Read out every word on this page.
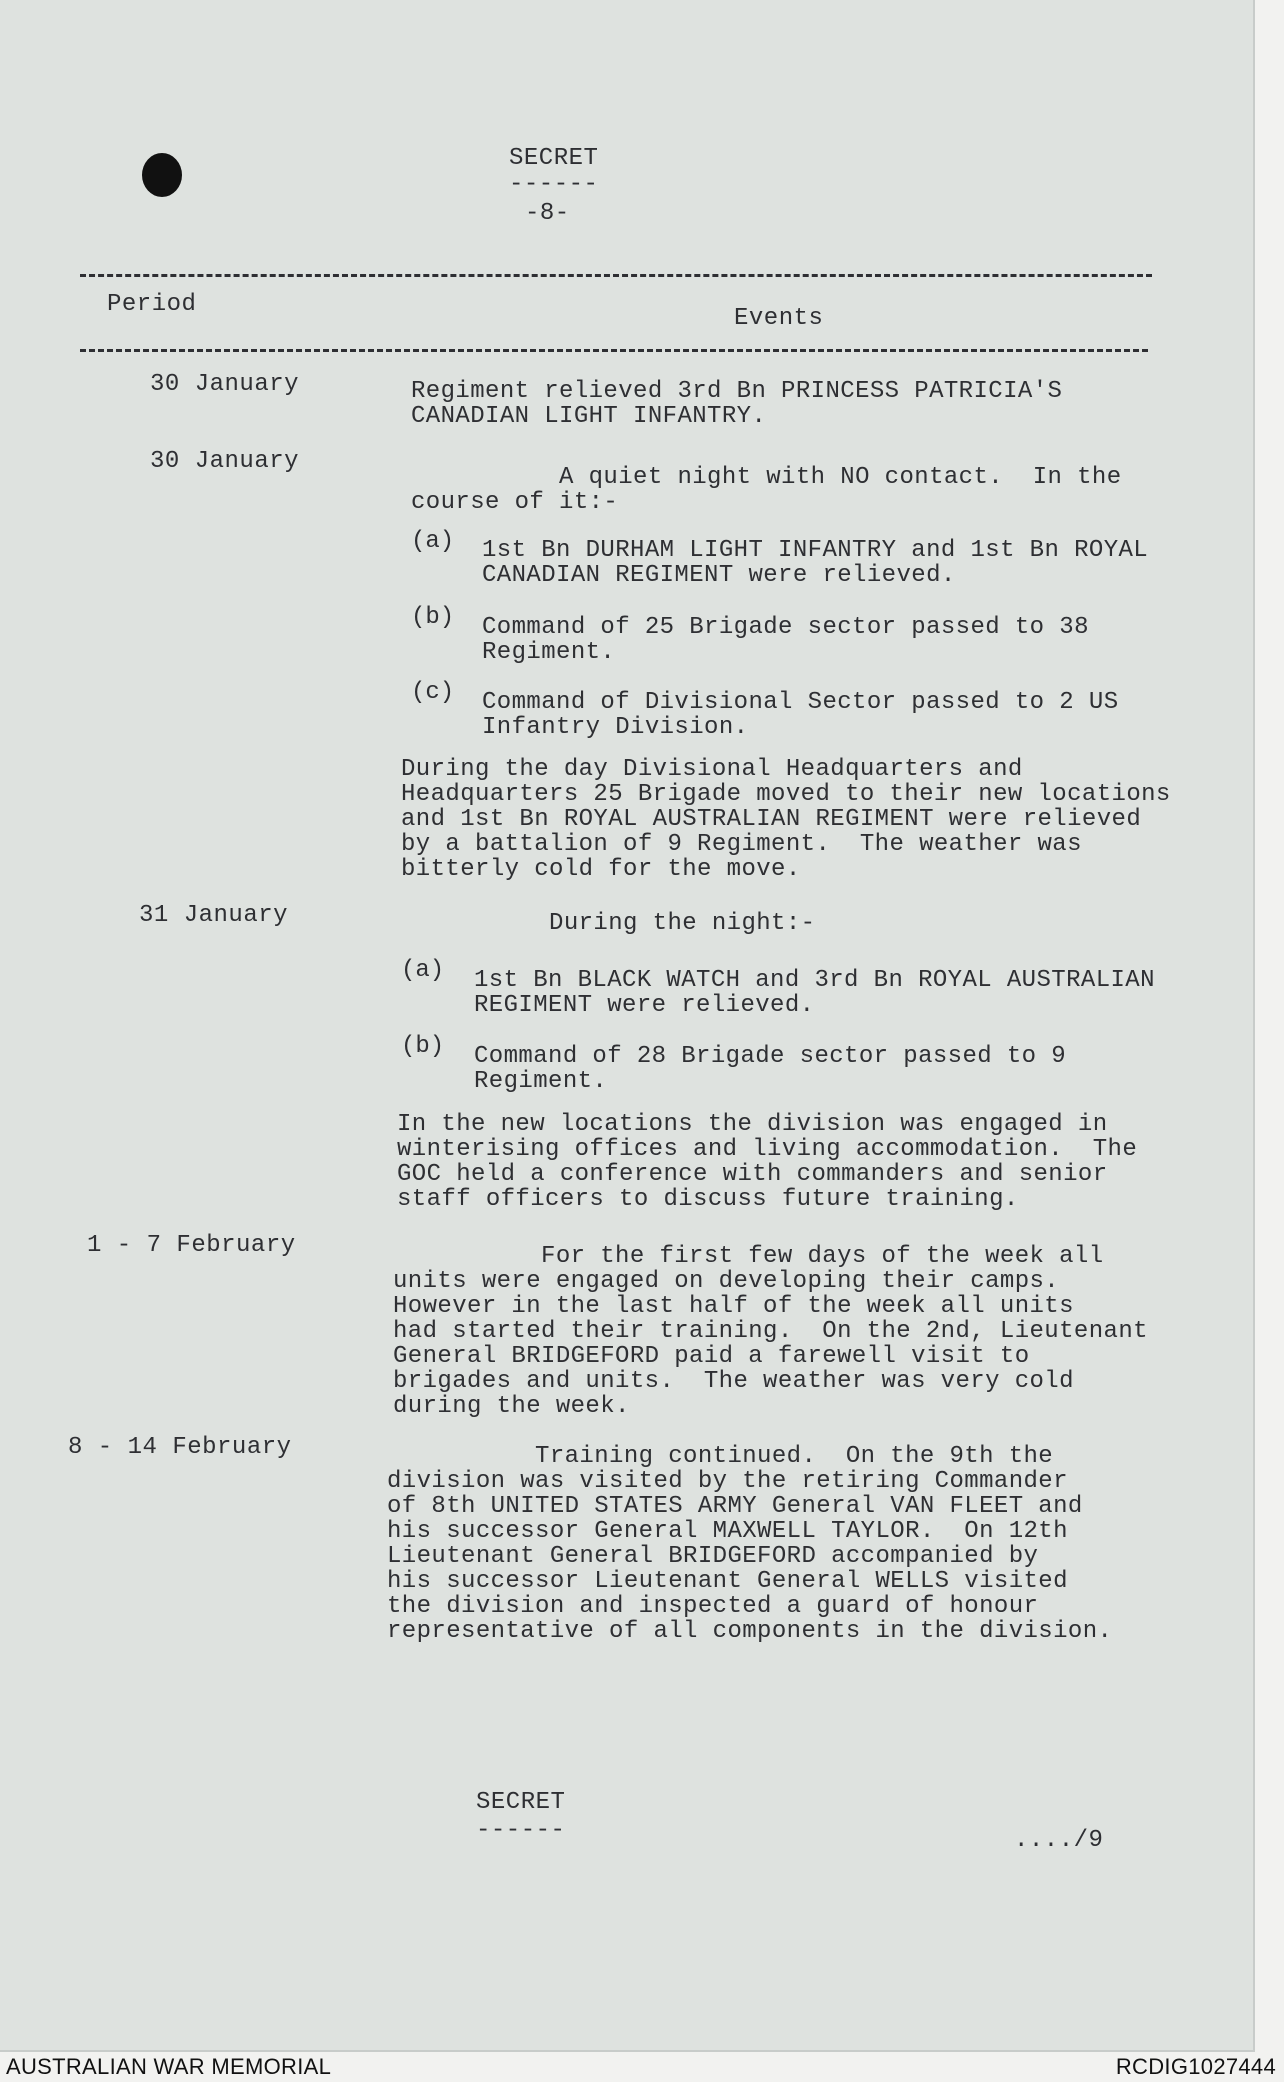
SECRET
------
-8-
Period
Events
30 January	Regiment relieved 3rd Bn PRINCESS PATRICIA'S
CANADIAN LIGHT INFANTRY.
30 January
A quiet night with NO contact.  In the
course of it:-
(a) 1st Bn DURHAM LIGHT INFANTRY and 1st Bn ROYAL
CANADIAN REGIMENT were relieved.
(b) Command of 25 Brigade sector passed to 38
Regiment.
(c) Command of Divisional Sector passed to 2 US
Infantry Division.
During the day Divisional Headquarters and
Headquarters 25 Brigade moved to their new locations
and 1st Bn ROYAL AUSTRALIAN REGIMENT were relieved
by a battalion of 9 Regiment.  The weather was
bitterly cold for the move.
31 January	During the night:-
(a) 1st Bn BLACK WATCH and 3rd Bn ROYAL AUSTRALIAN
REGIMENT were relieved.
(b) Command of 28 Brigade sector passed to 9
Regiment.
In the new locations the division was engaged in
winterising offices and living accommodation.  The
GOC held a conference with commanders and senior
staff officers to discuss future training.
1 - 7 February	For the first few days of the week all
units were engaged on developing their camps.
However in the last half of the week all units
had started their training.  On the 2nd, Lieutenant
General BRIDGEFORD paid a farewell visit to
brigades and units.  The weather was very cold
during the week.
8 - 14 February	Training continued.  On the 9th the
division was visited by the retiring Commander
of 8th UNITED STATES ARMY General VAN FLEET and
his successor General MAXWELL TAYLOR.  On 12th
Lieutenant General BRIDGEFORD accompanied by
his successor Lieutenant General WELLS visited
the division and inspected a guard of honour
representative of all components in the division.
SECRET
------	..../9
AUSTRALIAN WAR MEMORIAL	RCDIG1027444
